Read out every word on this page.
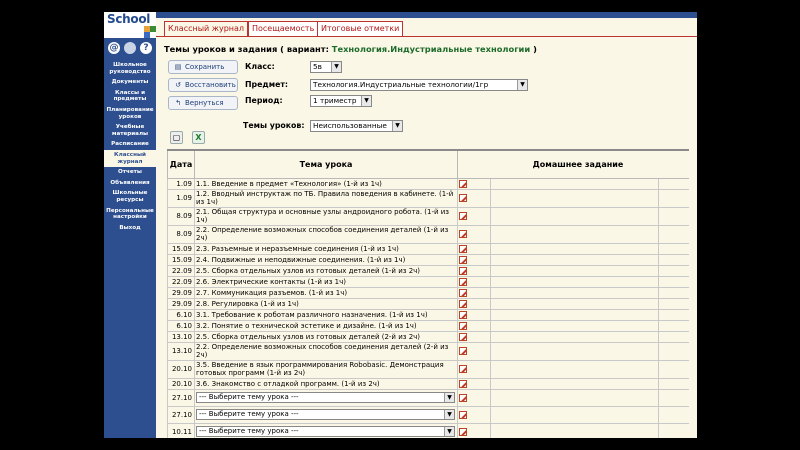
School
@	?
Школьное руководство
Документы
Классы и предметы
Планирование уроков
Учебные материалы
Расписание
Классный журнал
Отчеты
Объявления
Школьные ресурсы
Персональные настройки
Выход
Классный журнал Посещаемость Итоговые отметки
Темы уроков и задания ( вариант: Технология.Индустриальные технологии )
▤ Сохранить
↺ Восстановить
↰ Вернуться
Класс:	5в	▼
Предмет:	Технология.Индустриальные технологии/1гр	▼
Период:	1 триместр	▼
Темы уроков:	Неиспользованные	▼
▢	X
Дата	Тема урока	Домашнее задание			
1.09	1.1. Введение в предмет «Технология» (1-й из 1ч)				
1.09	1.2. Вводный инструктаж по ТБ. Правила поведения в кабинете. (1-й из 1ч)				
8.09	2.1. Общая структура и основные узлы андроидного робота. (1-й из 1ч)				
8.09	2.2. Определение возможных способов соединения деталей (1-й из 2ч)				
15.09	2.3. Разъемные и неразъемные соединения (1-й из 1ч)				
15.09	2.4. Подвижные и неподвижные соединения. (1-й из 1ч)				
22.09	2.5. Сборка отдельных узлов из готовых деталей (1-й из 2ч)				
22.09	2.6. Электрические контакты (1-й из 1ч)				
29.09	2.7. Коммуникация разъемов. (1-й из 1ч)				
29.09	2.8. Регулировка (1-й из 1ч)				
6.10	3.1. Требование к роботам различного назначения. (1-й из 1ч)				
6.10	3.2. Понятие о технической эстетике и дизайне. (1-й из 1ч)				
13.10	2.5. Сборка отдельных узлов из готовых деталей (2-й из 2ч)				
13.10	2.2. Определение возможных способов соединения деталей (2-й из 2ч)				
20.10	3.5. Введение в язык программирования Robobasic. Демонстрация готовых программ (1-й из 2ч)				
20.10	3.6. Знакомство с отладкой программ. (1-й из 2ч)				
27.10	--- Выберите тему урока --- ▼				

27.10	--- Выберите тему урока --- ▼				

10.11	--- Выберите тему урока --- ▼				
